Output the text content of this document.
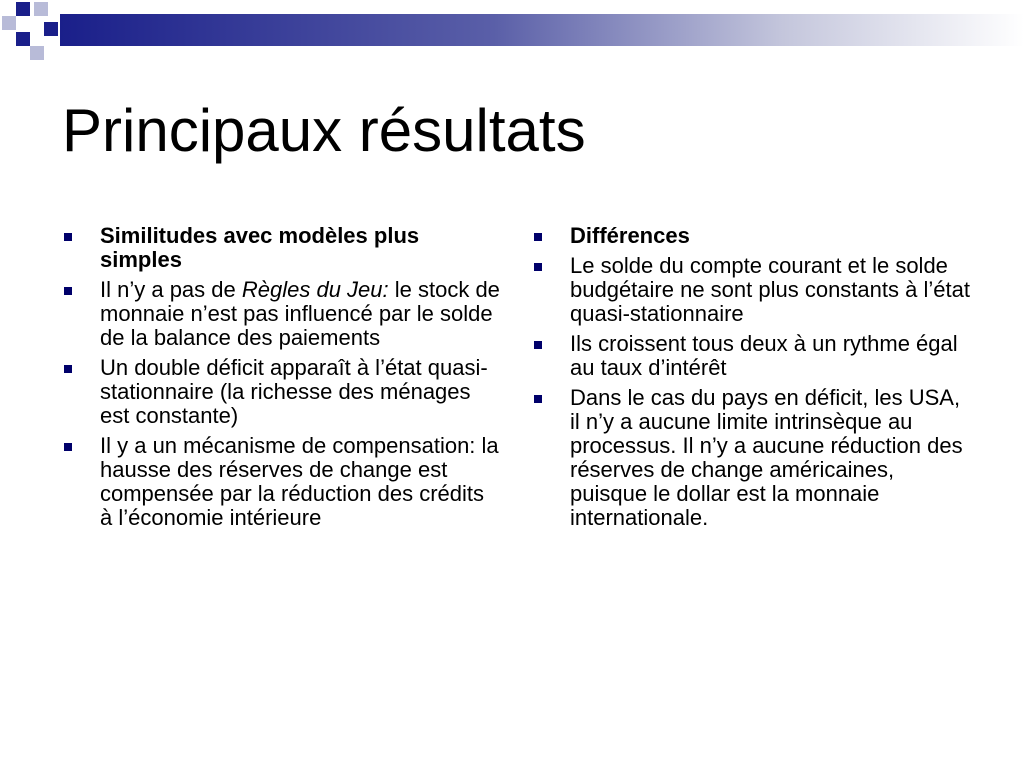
Principaux résultats
Similitudes avec modèles plus simples
Il n’y a pas de Règles du Jeu: le stock de monnaie n’est pas influencé par le solde de la balance des paiements
Un double déficit apparaît à l’état quasi-stationnaire (la richesse des ménages est constante)
Il y a un mécanisme de compensation: la hausse des réserves de change est compensée par la réduction des crédits à l’économie intérieure
Différences
Le solde du compte courant et le solde budgétaire ne sont plus constants à l’état quasi-stationnaire
Ils croissent tous deux à un rythme égal au taux d’intérêt
Dans le cas du pays en déficit, les USA, il n’y a aucune limite intrinsèque au processus. Il n’y a aucune réduction des réserves de change américaines, puisque le dollar est la monnaie internationale.
